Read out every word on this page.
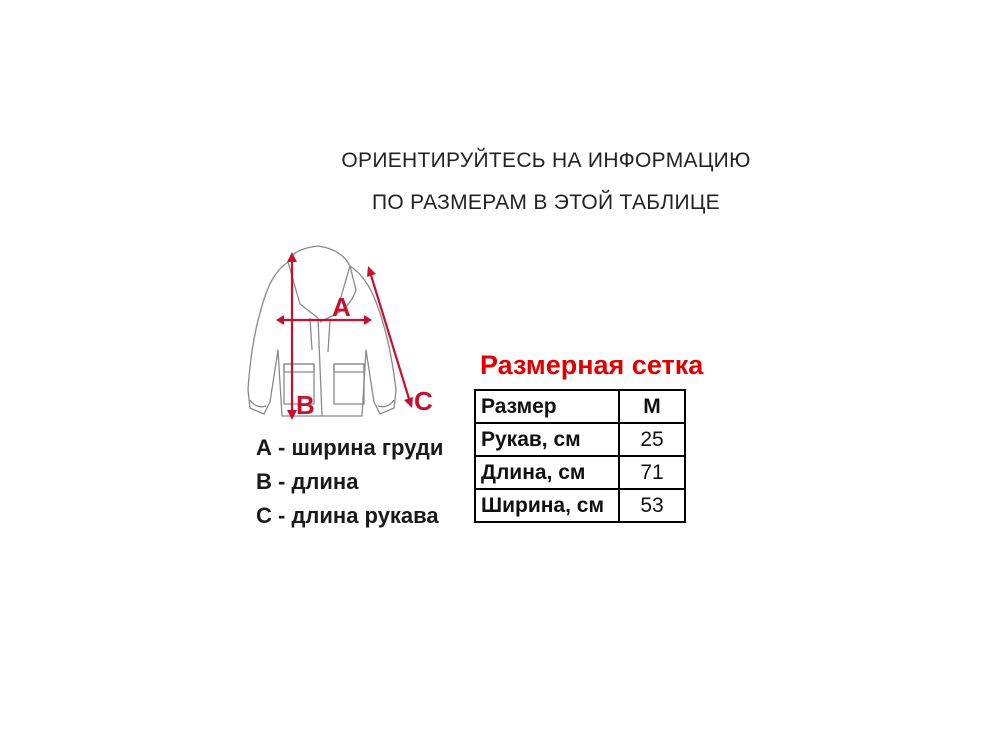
ОРИЕНТИРУЙТЕСЬ НА ИНФОРМАЦИЮ
ПО РАЗМЕРАМ В ЭТОЙ ТАБЛИЦЕ
A
B	C
А - ширина груди
В - длина
С - длина рукава
Размерная сетка
Размер	M
Рукав, см	25
Длина, см	71
Ширина, см	53
